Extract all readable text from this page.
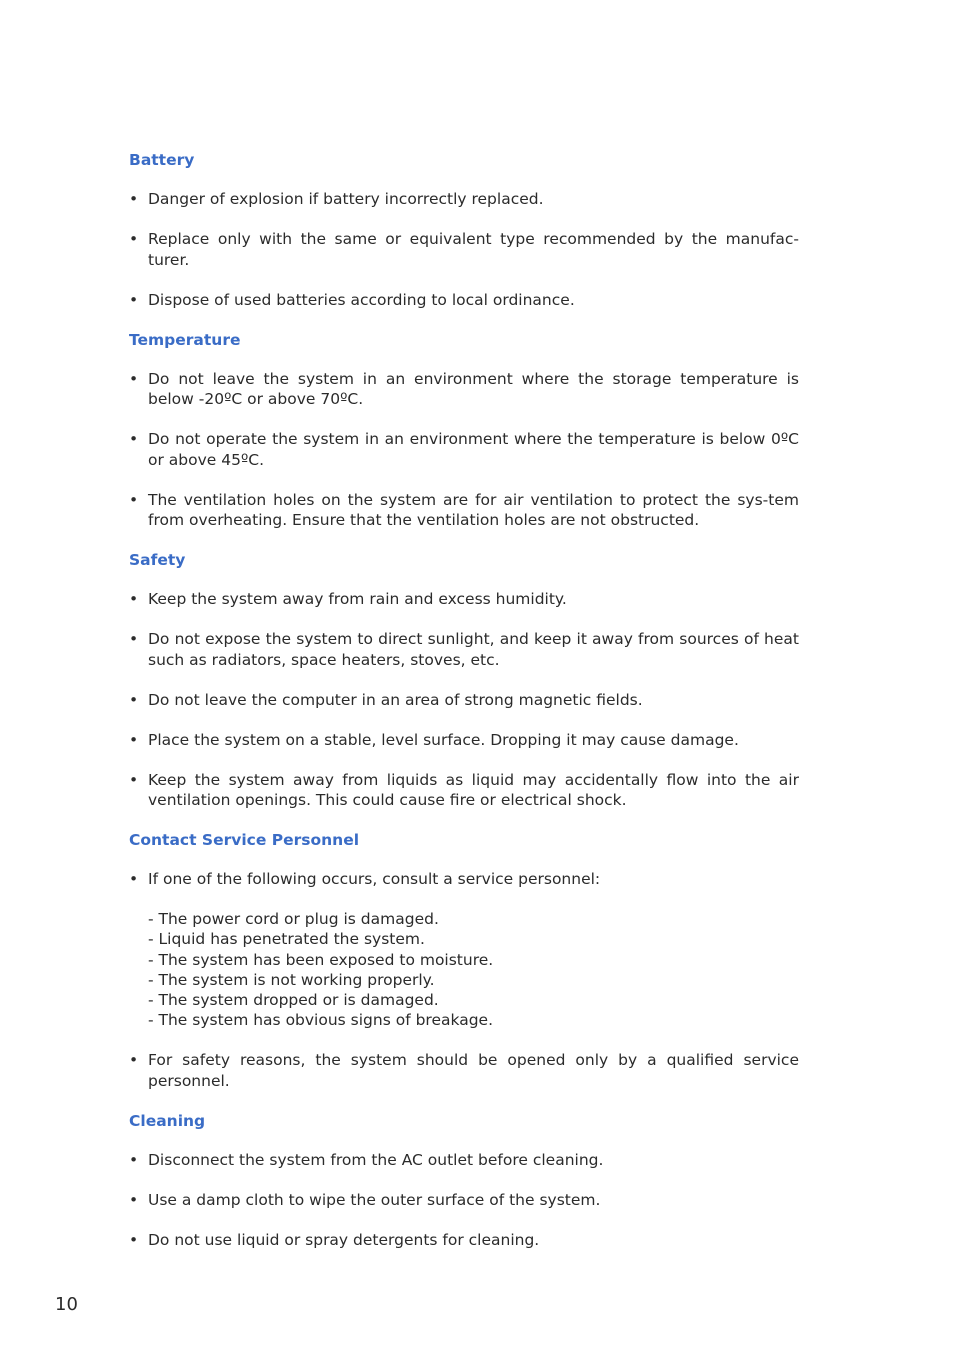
Battery
• Danger of explosion if battery incorrectly replaced.
• Replace only with the same or equivalent type recommended by the manufac-turer.
• Dispose of used batteries according to local ordinance.
Temperature
• Do not leave the system in an environment where the storage temperature is below -20ºC or above 70ºC.
• Do not operate the system in an environment where the temperature is below 0ºC or above 45ºC.
• The ventilation holes on the system are for air ventilation to protect the sys-tem from overheating. Ensure that the ventilation holes are not obstructed.
Safety
• Keep the system away from rain and excess humidity.
• Do not expose the system to direct sunlight, and keep it away from sources of heat such as radiators, space heaters, stoves, etc.
• Do not leave the computer in an area of strong magnetic fields.
• Place the system on a stable, level surface. Dropping it may cause damage.
• Keep the system away from liquids as liquid may accidentally flow into the air ventilation openings. This could cause fire or electrical shock.
Contact Service Personnel
• If one of the following occurs, consult a service personnel:
- The power cord or plug is damaged.
- Liquid has penetrated the system.
- The system has been exposed to moisture.
- The system is not working properly.
- The system dropped or is damaged.
- The system has obvious signs of breakage.
• For safety reasons, the system should be opened only by a qualified service personnel.
Cleaning
• Disconnect the system from the AC outlet before cleaning.
• Use a damp cloth to wipe the outer surface of the system.
• Do not use liquid or spray detergents for cleaning.
10
